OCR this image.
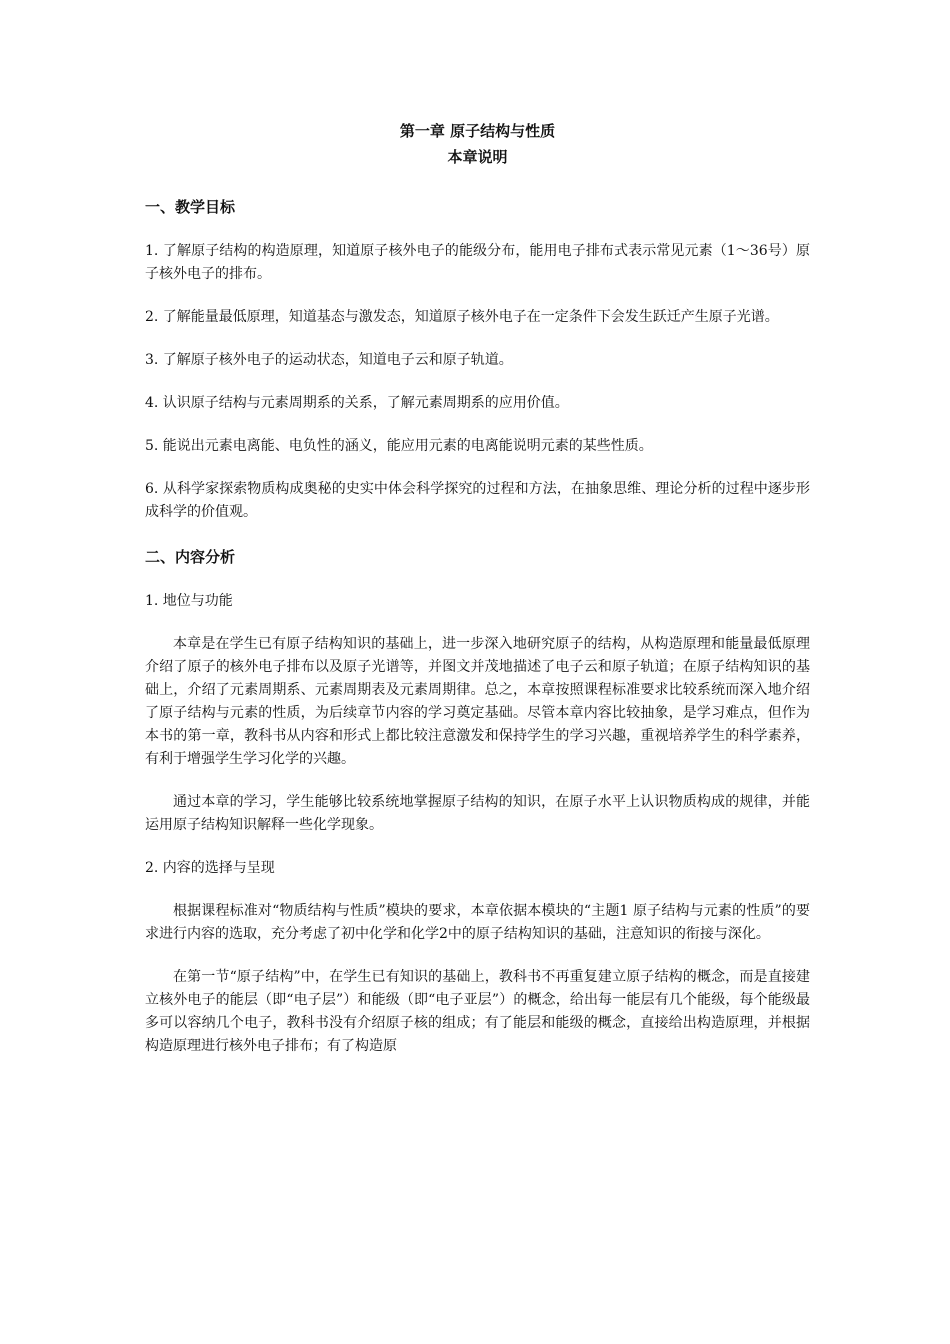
第一章 原子结构与性质
本章说明
一、教学目标
1. 了解原子结构的构造原理，知道原子核外电子的能级分布，能用电子排布式表示常见元素（1～36号）原子核外电子的排布。
2. 了解能量最低原理，知道基态与激发态，知道原子核外电子在一定条件下会发生跃迁产生原子光谱。
3. 了解原子核外电子的运动状态，知道电子云和原子轨道。
4. 认识原子结构与元素周期系的关系，了解元素周期系的应用价值。
5. 能说出元素电离能、电负性的涵义，能应用元素的电离能说明元素的某些性质。
6. 从科学家探索物质构成奥秘的史实中体会科学探究的过程和方法，在抽象思维、理论分析的过程中逐步形成科学的价值观。
二、内容分析
1. 地位与功能
本章是在学生已有原子结构知识的基础上，进一步深入地研究原子的结构，从构造原理和能量最低原理介绍了原子的核外电子排布以及原子光谱等，并图文并茂地描述了电子云和原子轨道；在原子结构知识的基础上，介绍了元素周期系、元素周期表及元素周期律。总之，本章按照课程标准要求比较系统而深入地介绍了原子结构与元素的性质，为后续章节内容的学习奠定基础。尽管本章内容比较抽象，是学习难点，但作为本书的第一章，教科书从内容和形式上都比较注意激发和保持学生的学习兴趣，重视培养学生的科学素养，有利于增强学生学习化学的兴趣。
通过本章的学习，学生能够比较系统地掌握原子结构的知识，在原子水平上认识物质构成的规律，并能运用原子结构知识解释一些化学现象。
2. 内容的选择与呈现
根据课程标准对“物质结构与性质”模块的要求，本章依据本模块的“主题1 原子结构与元素的性质”的要求进行内容的选取，充分考虑了初中化学和化学2中的原子结构知识的基础，注意知识的衔接与深化。
在第一节“原子结构”中，在学生已有知识的基础上，教科书不再重复建立原子结构的概念，而是直接建立核外电子的能层（即“电子层”）和能级（即“电子亚层”）的概念，给出每一能层有几个能级，每个能级最多可以容纳几个电子，教科书没有介绍原子核的组成；有了能层和能级的概念，直接给出构造原理，并根据构造原理进行核外电子排布；有了构造原
